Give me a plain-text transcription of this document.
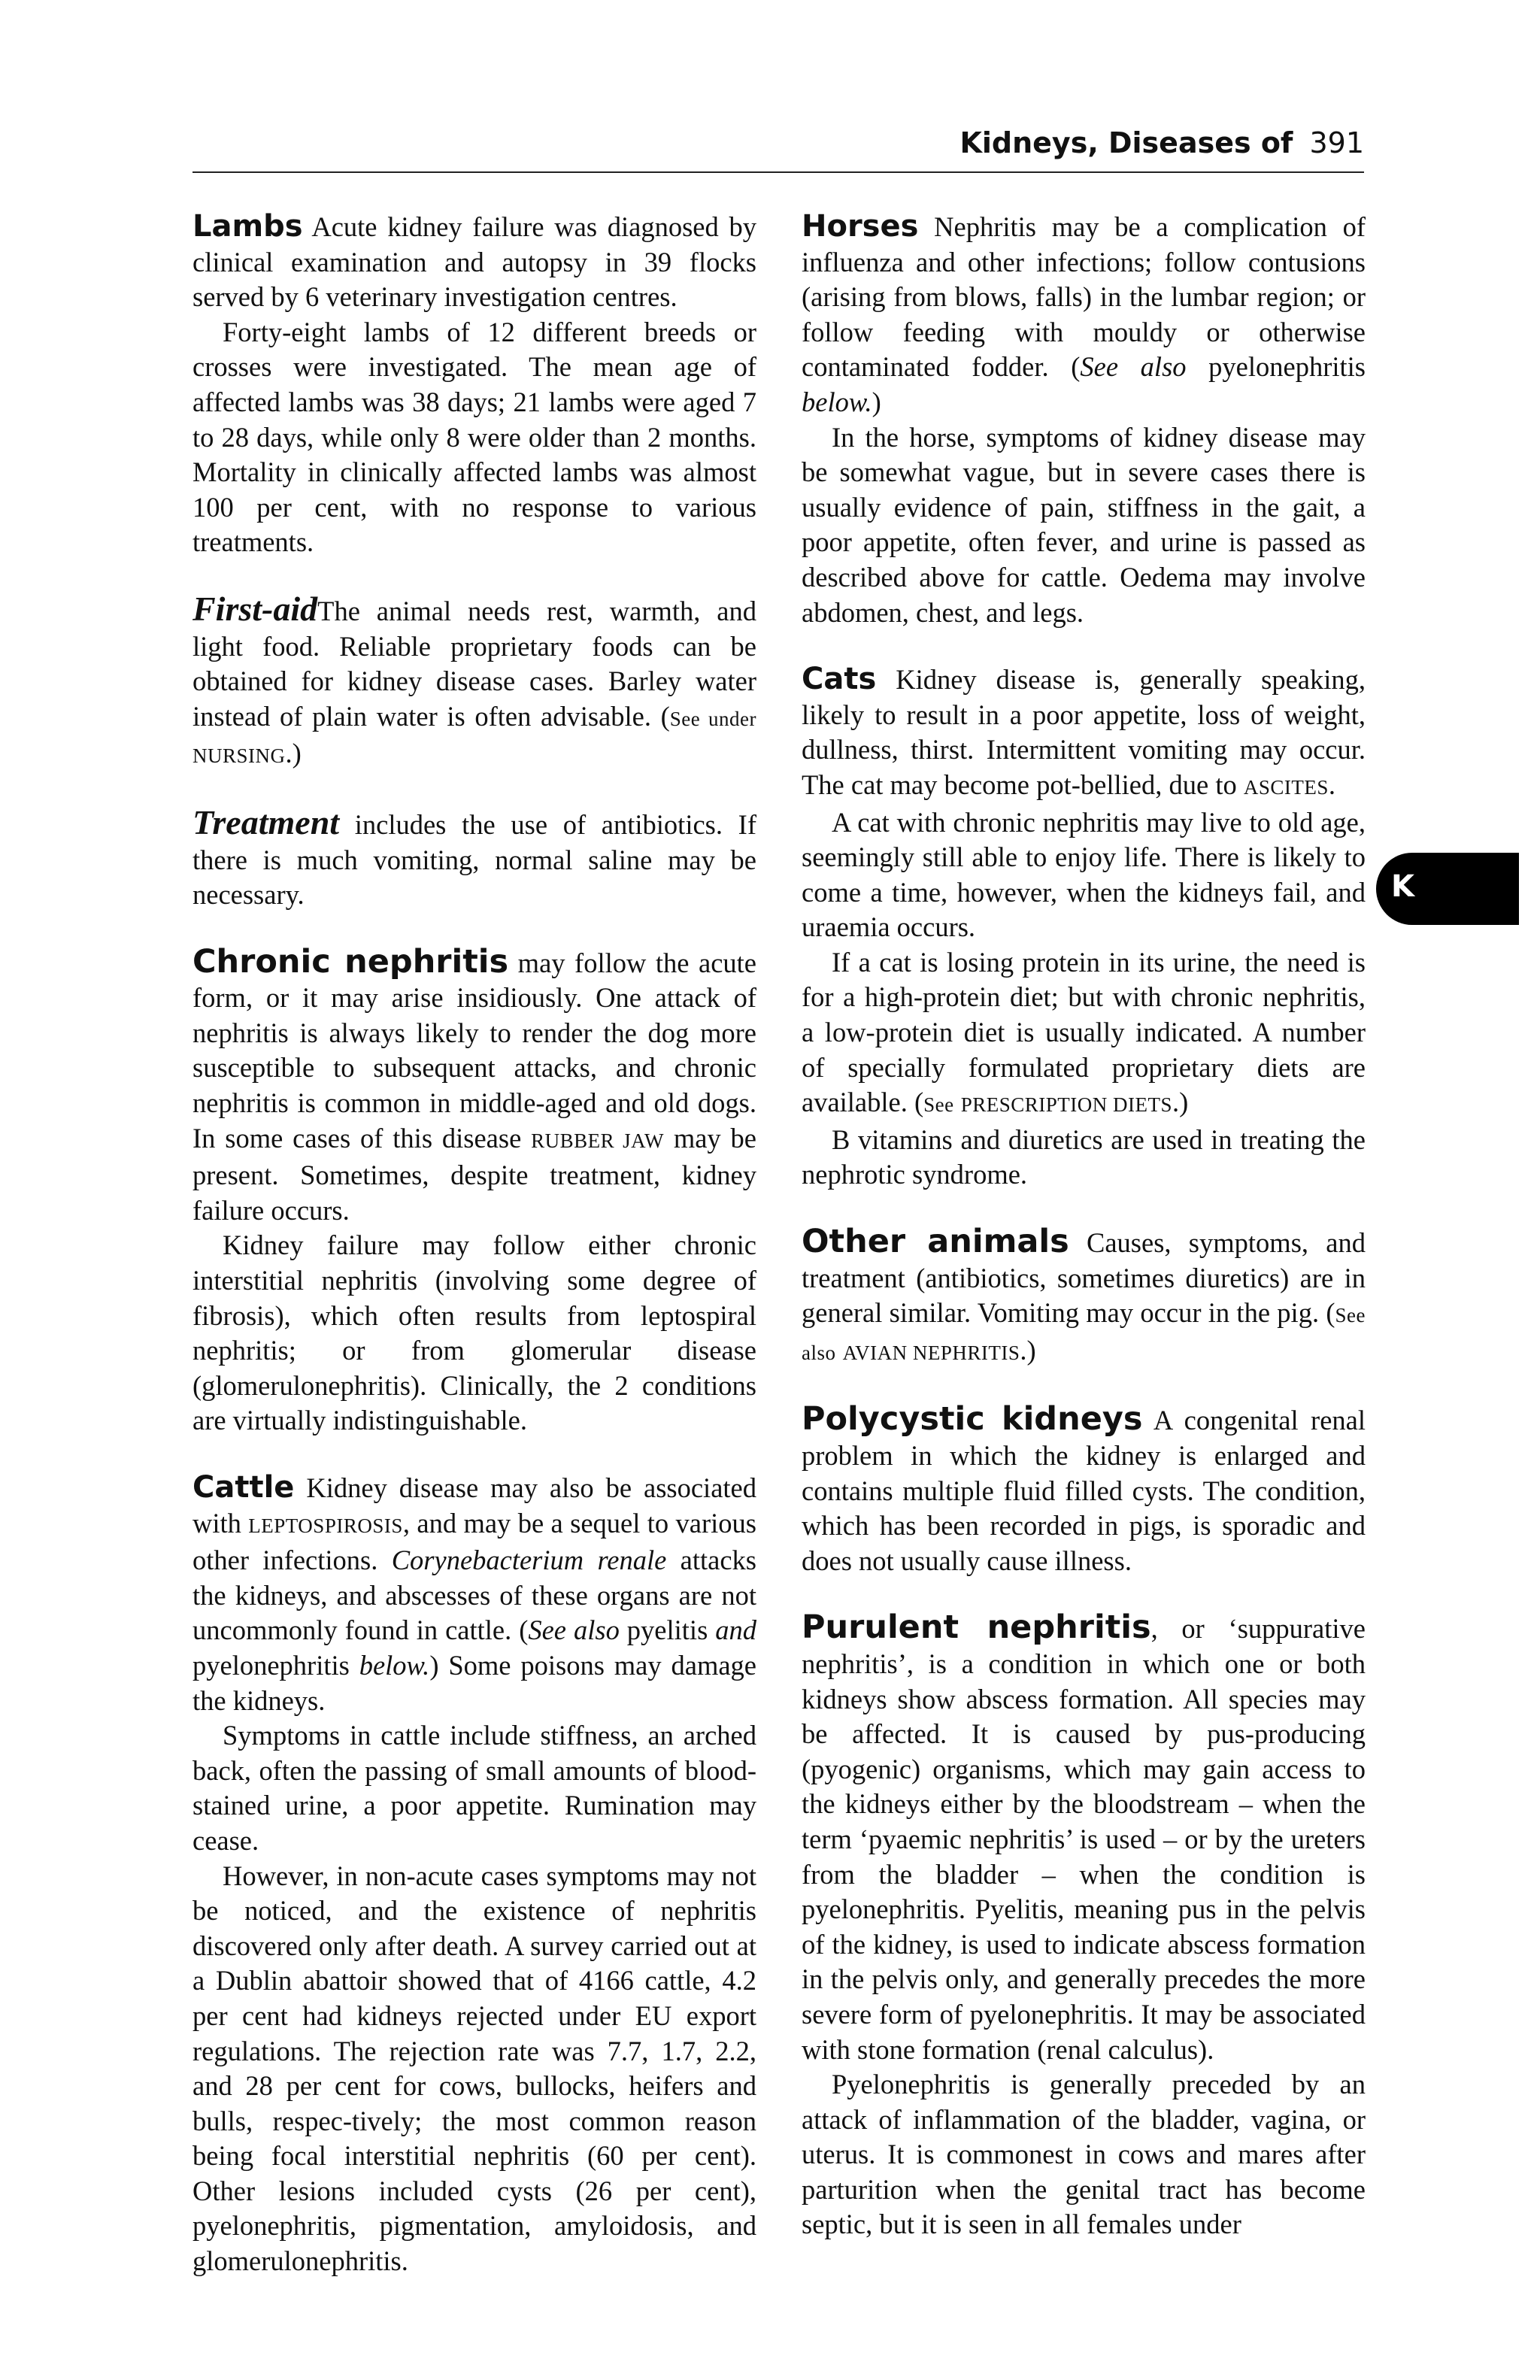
Kidneys, Diseases of 391

Lambs Acute kidney failure was diagnosed by clinical examination and autopsy in 39 flocks served by 6 veterinary investigation centres.

Forty-eight lambs of 12 different breeds or crosses were investigated. The mean age of affected lambs was 38 days; 21 lambs were aged 7 to 28 days, while only 8 were older than 2 months. Mortality in clinically affected lambs was almost 100 per cent, with no response to various treatments.

First-aidThe animal needs rest, warmth, and light food. Reliable proprietary foods can be obtained for kidney disease cases. Barley water instead of plain water is often advisable. (See under NURSING.)

Treatment includes the use of antibiotics. If there is much vomiting, normal saline may be necessary.

Chronic nephritis may follow the acute form, or it may arise insidiously. One attack of nephritis is always likely to render the dog more susceptible to subsequent attacks, and chronic nephritis is common in middle-aged and old dogs. In some cases of this disease RUBBER JAW may be present. Sometimes, despite treatment, kidney failure occurs.

Kidney failure may follow either chronic interstitial nephritis (involving some degree of fibrosis), which often results from leptospiral nephritis; or from glomerular disease (glomerulonephritis). Clinically, the 2 conditions are virtually indistinguishable.

Cattle Kidney disease may also be associated with LEPTOSPIROSIS, and may be a sequel to various other infections. Corynebacterium renale attacks the kidneys, and abscesses of these organs are not uncommonly found in cattle. (See also pyelitis and pyelonephritis below.) Some poisons may damage the kidneys.

Symptoms in cattle include stiffness, an arched back, often the passing of small amounts of blood-stained urine, a poor appetite. Rumination may cease.

However, in non-acute cases symptoms may not be noticed, and the existence of nephritis discovered only after death. A survey carried out at a Dublin abattoir showed that of 4166 cattle, 4.2 per cent had kidneys rejected under EU export regulations. The rejection rate was 7.7, 1.7, 2.2, and 28 per cent for cows, bullocks, heifers and bulls, respec-tively; the most common reason being focal interstitial nephritis (60 per cent). Other lesions included cysts (26 per cent), pyelonephritis, pigmentation, amyloidosis, and glomerulonephritis.

Horses Nephritis may be a complication of influenza and other infections; follow contusions (arising from blows, falls) in the lumbar region; or follow feeding with mouldy or otherwise contaminated fodder. (See also pyelonephritis below.)

In the horse, symptoms of kidney disease may be somewhat vague, but in severe cases there is usually evidence of pain, stiffness in the gait, a poor appetite, often fever, and urine is passed as described above for cattle. Oedema may involve abdomen, chest, and legs.

Cats Kidney disease is, generally speaking, likely to result in a poor appetite, loss of weight, dullness, thirst. Intermittent vomiting may occur. The cat may become pot-bellied, due to ASCITES.

A cat with chronic nephritis may live to old age, seemingly still able to enjoy life. There is likely to come a time, however, when the kidneys fail, and uraemia occurs.

If a cat is losing protein in its urine, the need is for a high-protein diet; but with chronic nephritis, a low-protein diet is usually indicated. A number of specially formulated proprietary diets are available. (See PRESCRIPTION DIETS.)

B vitamins and diuretics are used in treating the nephrotic syndrome.

Other animals Causes, symptoms, and treatment (antibiotics, sometimes diuretics) are in general similar. Vomiting may occur in the pig. (See also AVIAN NEPHRITIS.)

Polycystic kidneys A congenital renal problem in which the kidney is enlarged and contains multiple fluid filled cysts. The condition, which has been recorded in pigs, is sporadic and does not usually cause illness.

Purulent nephritis, or ‘suppurative nephritis’, is a condition in which one or both kidneys show abscess formation. All species may be affected. It is caused by pus-producing (pyogenic) organisms, which may gain access to the kidneys either by the bloodstream – when the term ‘pyaemic nephritis’ is used – or by the ureters from the bladder – when the condition is pyelonephritis. Pyelitis, meaning pus in the pelvis of the kidney, is used to indicate abscess formation in the pelvis only, and generally precedes the more severe form of pyelonephritis. It may be associated with stone formation (renal calculus).

Pyelonephritis is generally preceded by an attack of inflammation of the bladder, vagina, or uterus. It is commonest in cows and mares after parturition when the genital tract has become septic, but it is seen in all females under

K
